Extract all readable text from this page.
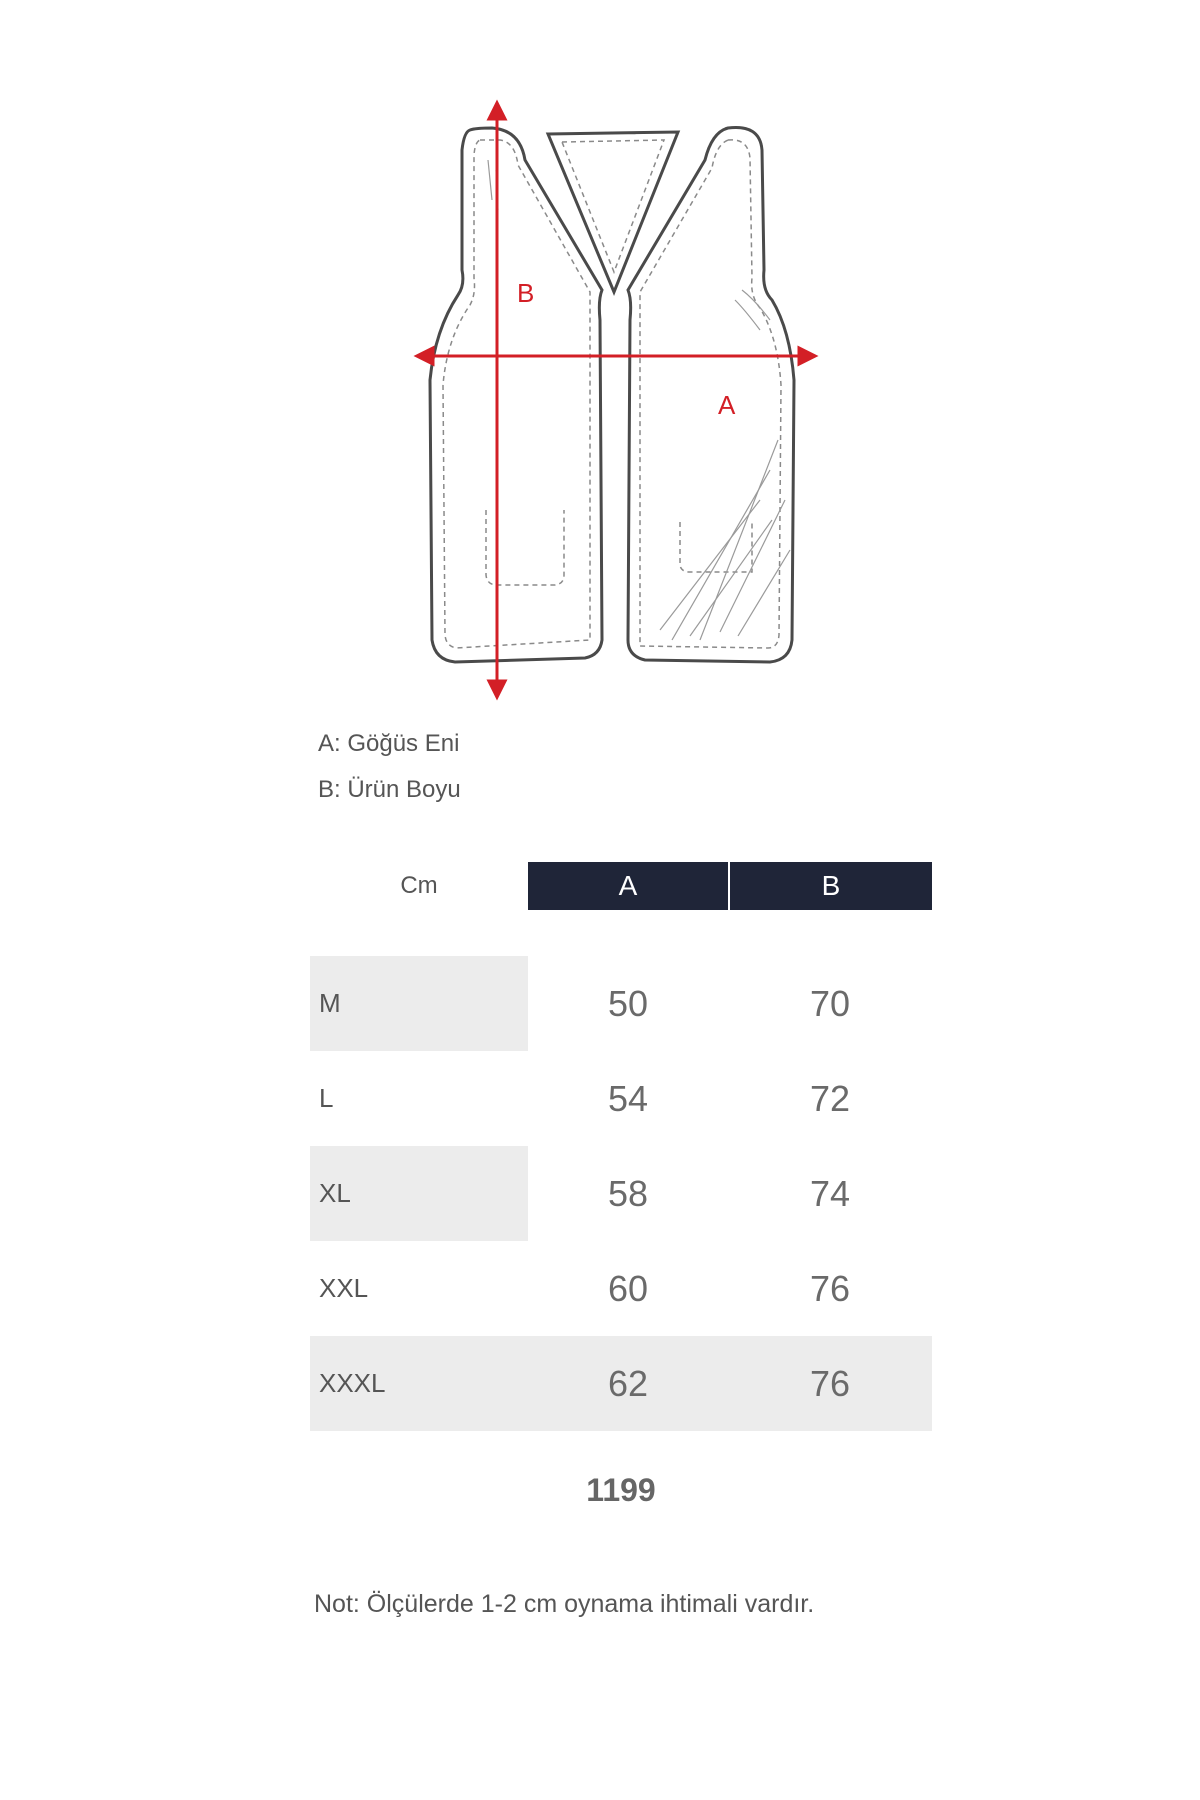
B
A
A: Göğüs Eni
B: Ürün Boyu
Cm	A	B
M	50	70
L	54	72
XL	58	74
XXL	60	76
XXXL	62	76
1199
Not: Ölçülerde 1-2 cm oynama ihtimali vardır.
